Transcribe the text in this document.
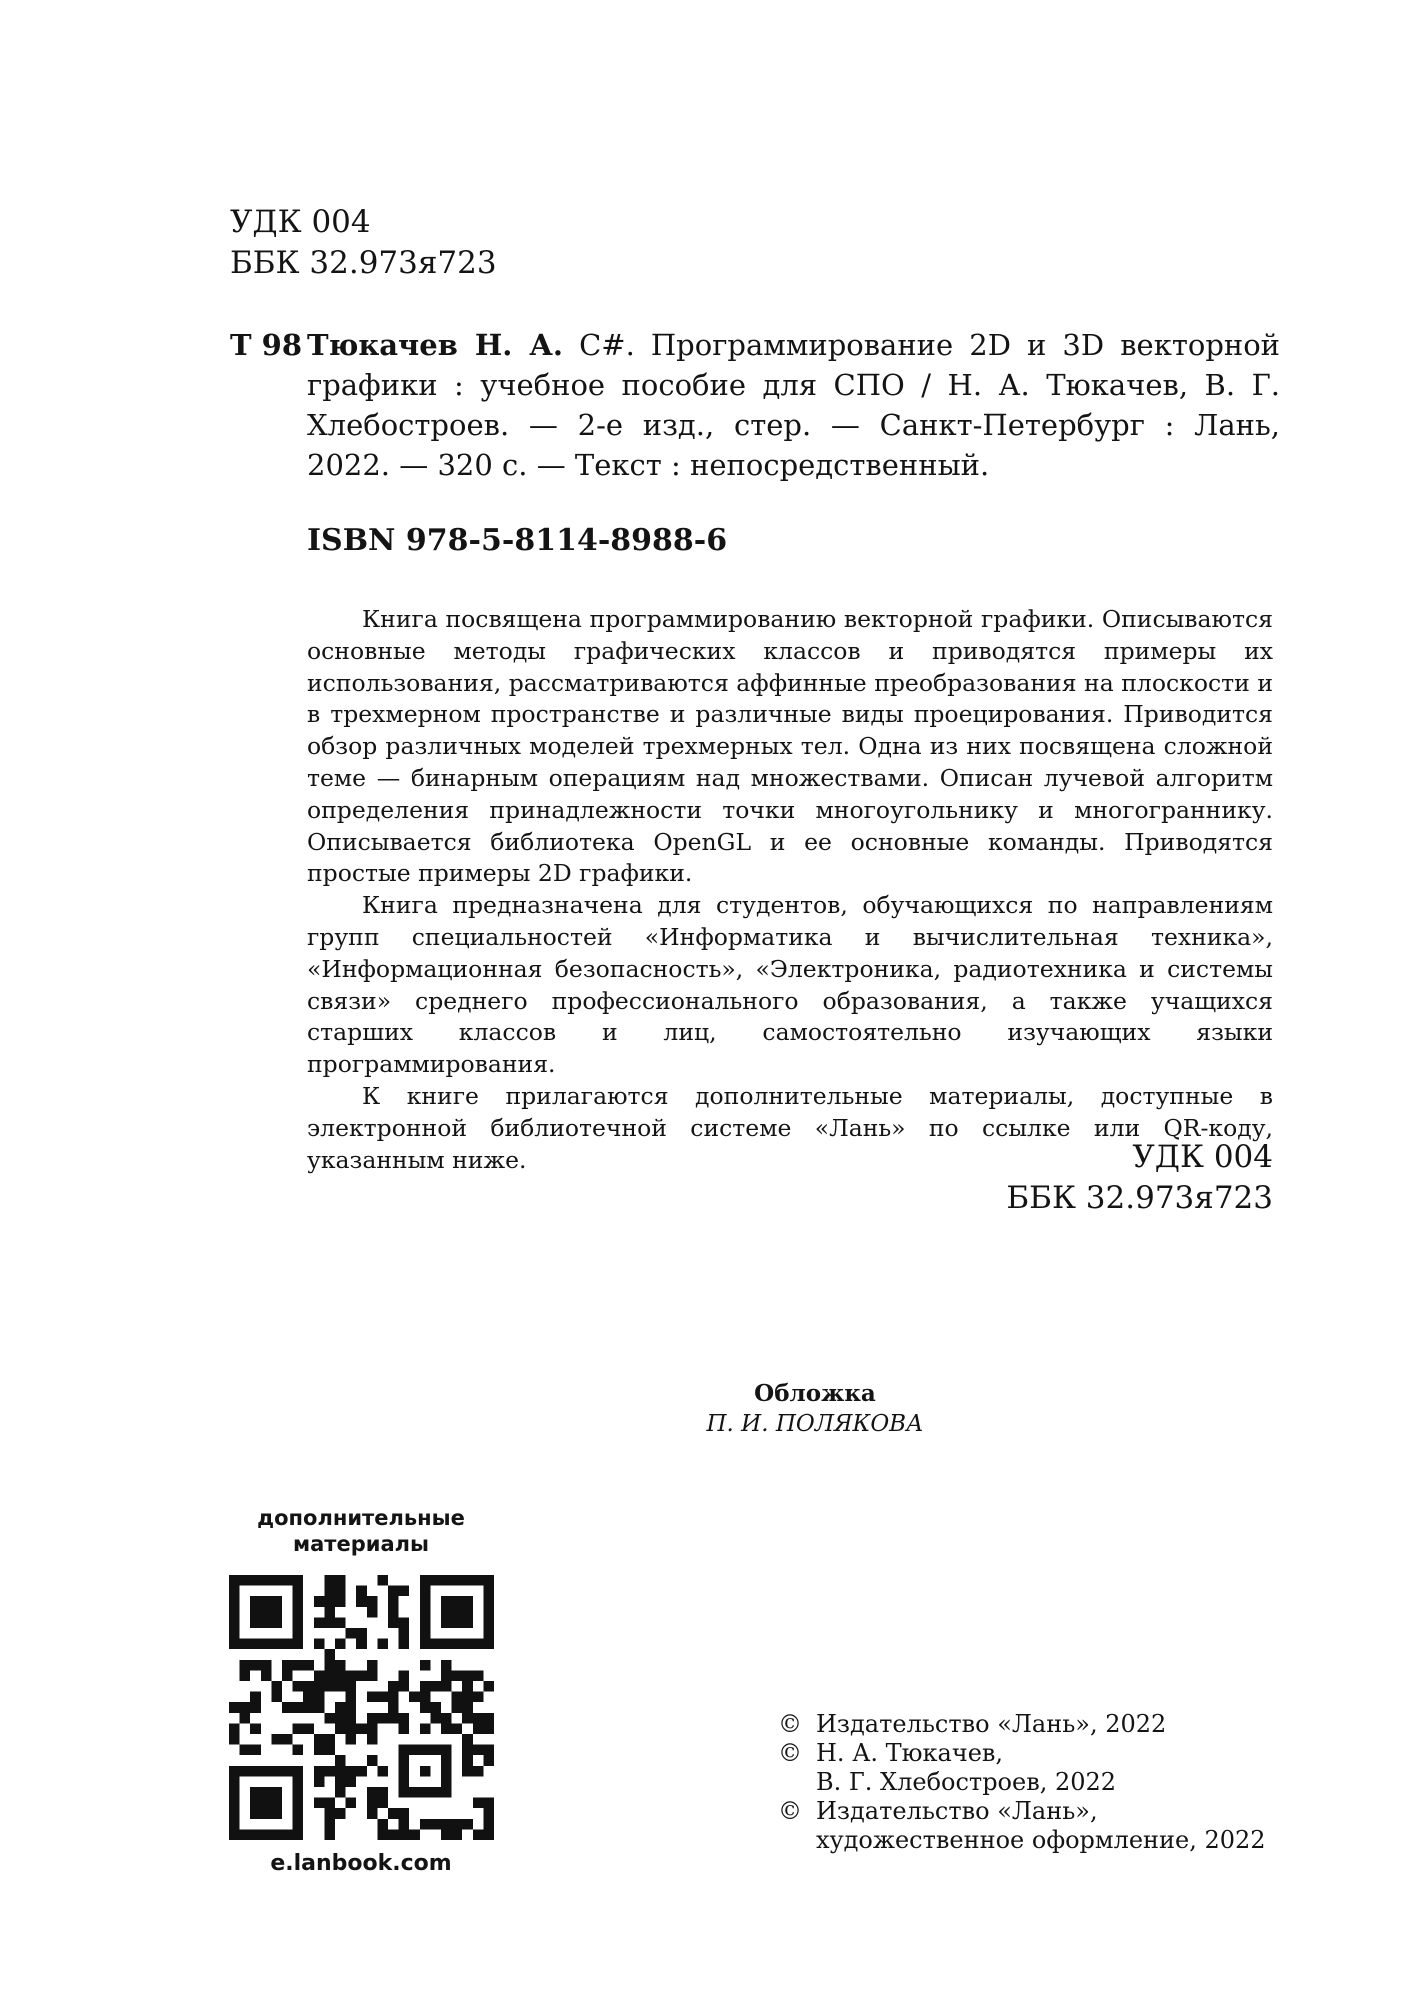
УДК 004
ББК 32.973я723
Т 98 Тюкачев Н. А. C#. Программирование 2D и 3D векторной графики : учебное пособие для СПО / Н. А. Тюкачев, В. Г. Хлебостроев. — 2-е изд., стер. — Санкт-Петербург : Лань, 2022. — 320 с. — Текст : непосредственный.
ISBN 978-5-8114-8988-6

Книга посвящена программированию векторной графики. Описываются основные методы графических классов и приводятся примеры их использования, рассматриваются аффинные преобразования на плоскости и в трехмерном пространстве и различные виды проецирования. Приводится обзор различных моделей трехмерных тел. Одна из них посвящена сложной теме — бинарным операциям над множествами. Описан лучевой алгоритм определения принадлежности точки многоугольнику и многограннику. Описывается библиотека OpenGL и ее основные команды. Приводятся простые примеры 2D графики.

Книга предназначена для студентов, обучающихся по направлениям групп специальностей «Информатика и вычислительная техника», «Информационная безопасность», «Электроника, радиотехника и системы связи» среднего профессионального образования, а также учащихся старших классов и лиц, самостоятельно изучающих языки программирования.

К книге прилагаются дополнительные материалы, доступные в электронной библиотечной системе «Лань» по ссылке или QR-коду, указанным ниже.	УДК 004
ББК 32.973я723
Обложка
П. И. ПОЛЯКОВА
дополнительные
материалы
e.lanbook.com
© Издательство «Лань», 2022
© Н. А. Тюкачев,
В. Г. Хлебостроев, 2022
© Издательство «Лань»,
художественное оформление, 2022
